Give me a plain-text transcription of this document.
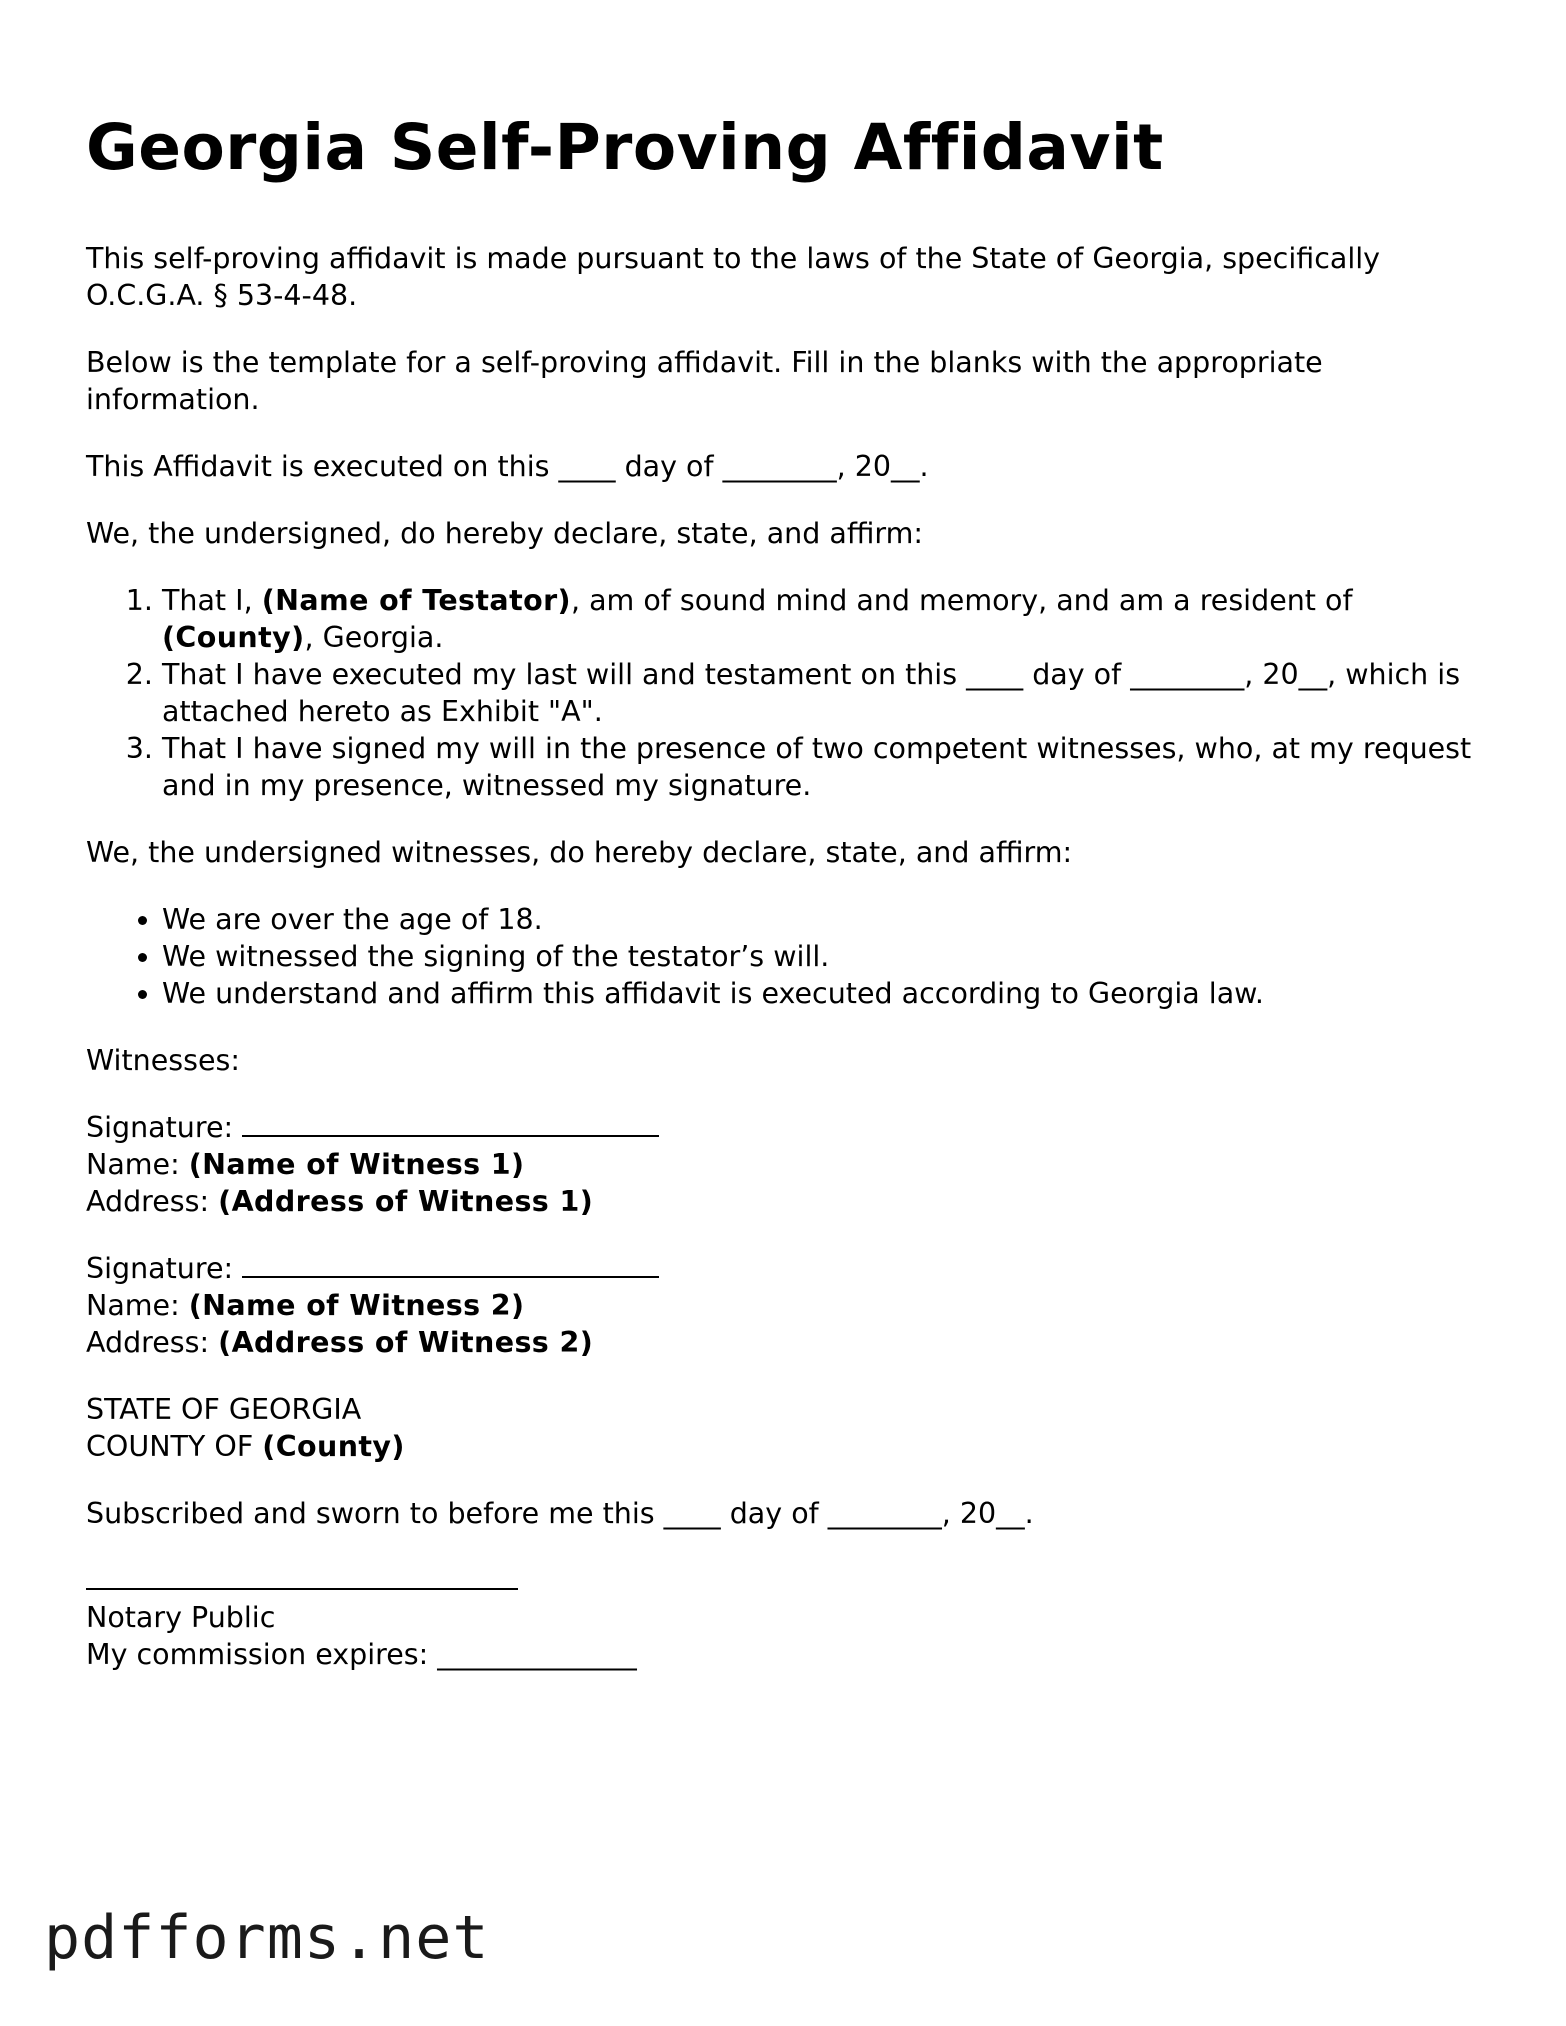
Georgia Self-Proving Affidavit

This self-proving affidavit is made pursuant to the laws of the State of Georgia, specifically O.C.G.A. § 53-4-48.

Below is the template for a self-proving affidavit. Fill in the blanks with the appropriate information.

This Affidavit is executed on this ____ day of ________, 20__.

We, the undersigned, do hereby declare, state, and affirm:

1. That I, (Name of Testator), am of sound mind and memory, and am a resident of (County), Georgia.
2. That I have executed my last will and testament on this ____ day of ________, 20__, which is attached hereto as Exhibit "A".
3. That I have signed my will in the presence of two competent witnesses, who, at my request and in my presence, witnessed my signature.

We, the undersigned witnesses, do hereby declare, state, and affirm:

• We are over the age of 18.
• We witnessed the signing of the testator’s will.
• We understand and affirm this affidavit is executed according to Georgia law.

Witnesses:

Signature:
Name: (Name of Witness 1)
Address: (Address of Witness 1)
Signature:
Name: (Name of Witness 2)
Address: (Address of Witness 2)
STATE OF GEORGIA
COUNTY OF (County)

Subscribed and sworn to before me this ____ day of ________, 20__.

Notary Public
My commission expires: ______________
pdfforms.net
